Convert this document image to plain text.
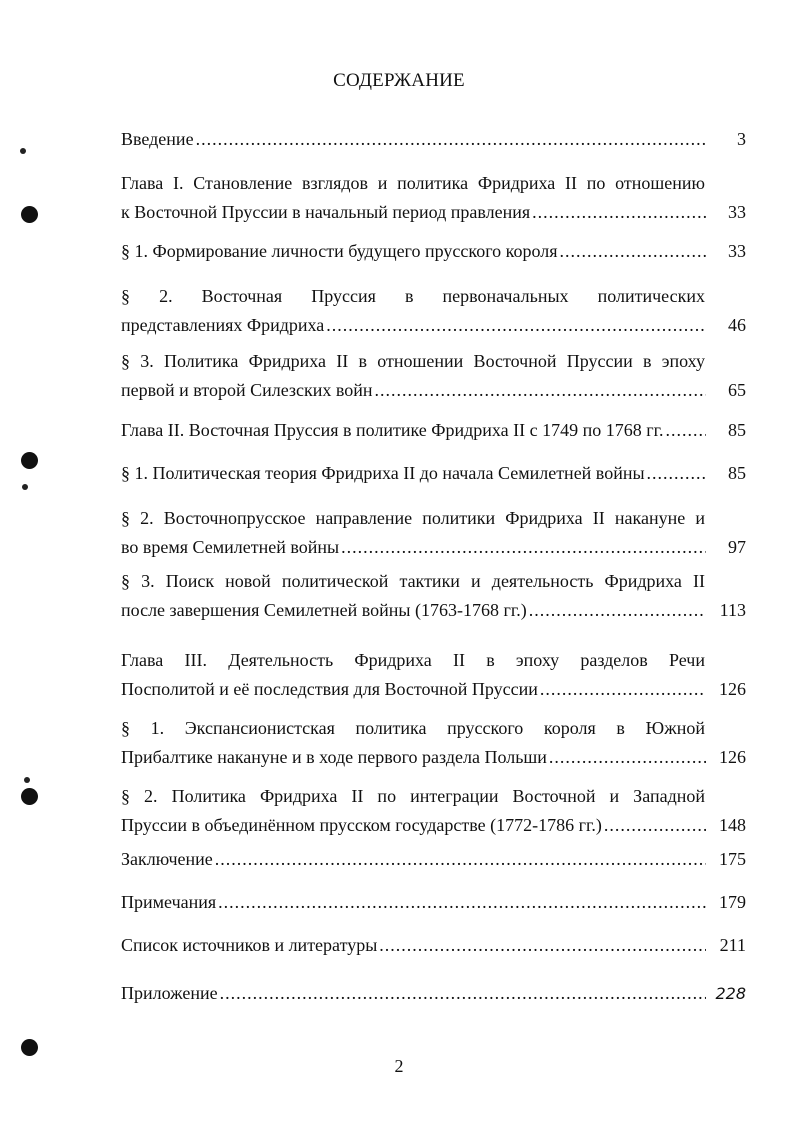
СОДЕРЖАНИЕ
Введение .....	3
Глава I. Становление взглядов и политика Фридриха II по отношению
к Восточной Пруссии в начальный период правления .....	33
§ 1. Формирование личности будущего прусского короля .....	33
§ 2. Восточная Пруссия в первоначальных политических
представлениях Фридриха .....	46
§ 3. Политика Фридриха II в отношении Восточной Пруссии в эпоху
первой и второй Силезских войн .....	65
Глава II. Восточная Пруссия в политике Фридриха II с 1749 по 1768 гг. .....	85
§ 1. Политическая теория Фридриха II до начала Семилетней войны .....	85
§ 2. Восточнопрусское направление политики Фридриха II накануне и
во время Семилетней войны .....	97
§ 3. Поиск новой политической тактики и деятельность Фридриха II
после завершения Семилетней войны (1763-1768 гг.) .....	113
Глава III. Деятельность Фридриха II в эпоху разделов Речи
Посполитой и её последствия для Восточной Пруссии .....	126
§ 1. Экспансионистская политика прусского короля в Южной
Прибалтике накануне и в ходе первого раздела Польши .....	126
§ 2. Политика Фридриха II по интеграции Восточной и Западной
Пруссии в объединённом прусском государстве (1772-1786 гг.) .....	148
Заключение .....	175
Примечания .....	179
Список источников и литературы .....	211
Приложение .....	228
2
